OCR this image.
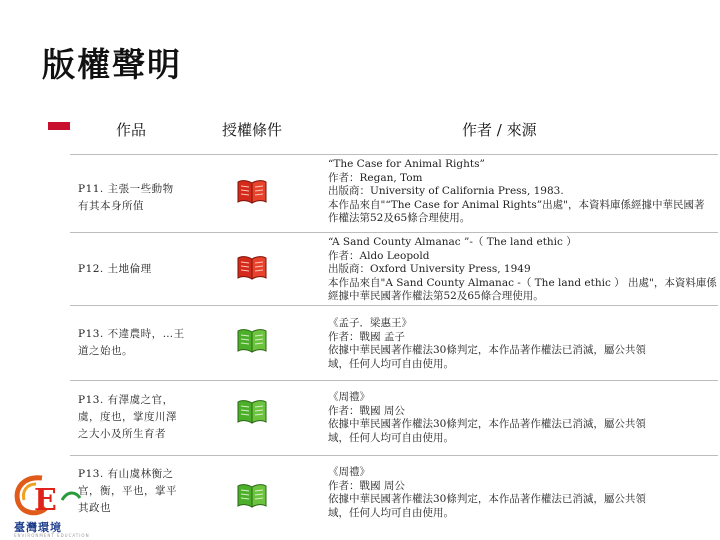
版權聲明
作品	授權條件	作者 / 來源
P11. 主張一些動物
有其本身所值
“The Case for Animal Rights”
作者：Regan, Tom
出版商：University of California Press, 1983.
本作品來自"“The Case for Animal Rights”出處"，本資料庫係經據中華民國著
作權法第52及65條合理使用。
P12. 土地倫理
“A Sand County Almanac ”-（ The land ethic ）
作者：Aldo Leopold
出版商：Oxford University Press, 1949
本作品來自"A Sand County Almanac -（ The land ethic ） 出處"，本資料庫係
經據中華民國著作權法第52及65條合理使用。
P13. 不違農時，…王
道之始也。
《孟子．梁惠王》
作者：戰國 孟子
依據中華民國著作權法30條判定，本作品著作權法已消滅，屬公共領
域，任何人均可自由使用。
P13. 有澤虞之官，
虞，度也，掌度川澤
之大小及所生育者
《周禮》
作者：戰國 周公
依據中華民國著作權法30條判定，本作品著作權法已消滅，屬公共領
域，任何人均可自由使用。
P13. 有山虞林衡之
官，衡，平也，掌平
其政也
《周禮》
作者：戰國 周公
依據中華民國著作權法30條判定，本作品著作權法已消滅，屬公共領
域，任何人均可自由使用。
E
臺灣環境
ENVIRONMENT EDUCATION
